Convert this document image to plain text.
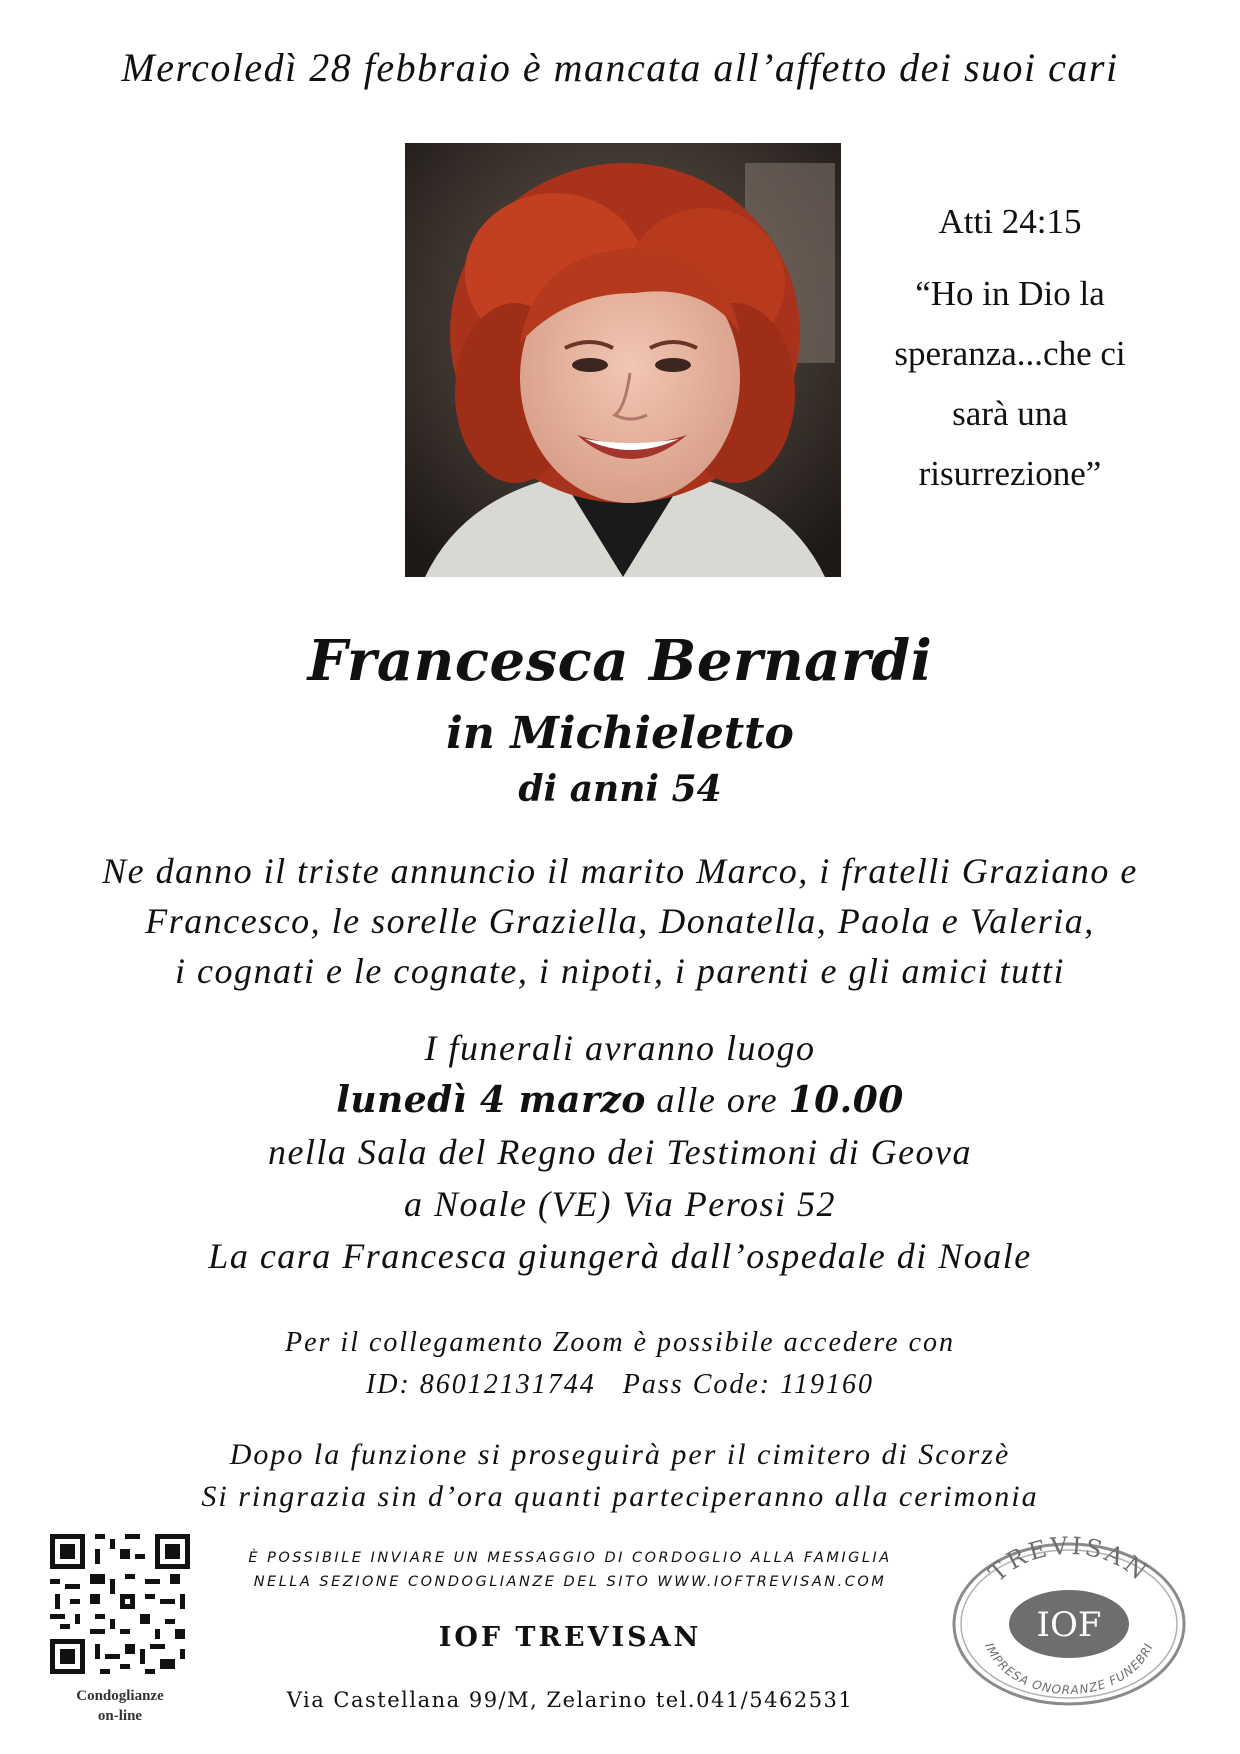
Mercoledì 28 febbraio è mancata all’affetto dei suoi cari
Atti 24:15
“Ho in Dio la
speranza...che ci
sarà una
risurrezione”
Francesca Bernardi
in Michieletto
di anni 54
Ne danno il triste annuncio il marito Marco, i fratelli Graziano e
Francesco, le sorelle Graziella, Donatella, Paola e Valeria,
i cognati e le cognate, i nipoti, i parenti e gli amici tutti
I funerali avranno luogo
lunedì 4 marzo alle ore 10.00
nella Sala del Regno dei Testimoni di Geova
a Noale (VE) Via Perosi 52
La cara Francesca giungerà dall’ospedale di Noale
Per il collegamento Zoom è possibile accedere con
ID: 86012131744   Pass Code: 119160
Dopo la funzione si proseguirà per il cimitero di Scorzè
Si ringrazia sin d’ora quanti parteciperanno alla cerimonia
Condoglianze
on-line
È POSSIBILE INVIARE UN MESSAGGIO DI CORDOGLIO ALLA FAMIGLIA
NELLA SEZIONE CONDOGLIANZE DEL SITO WWW.IOFTREVISAN.COM
IOF TREVISAN
Via Castellana 99/M, Zelarino tel.041/5462531
TREVISAN
IOF
IMPRESA ONORANZE FUNEBRI
